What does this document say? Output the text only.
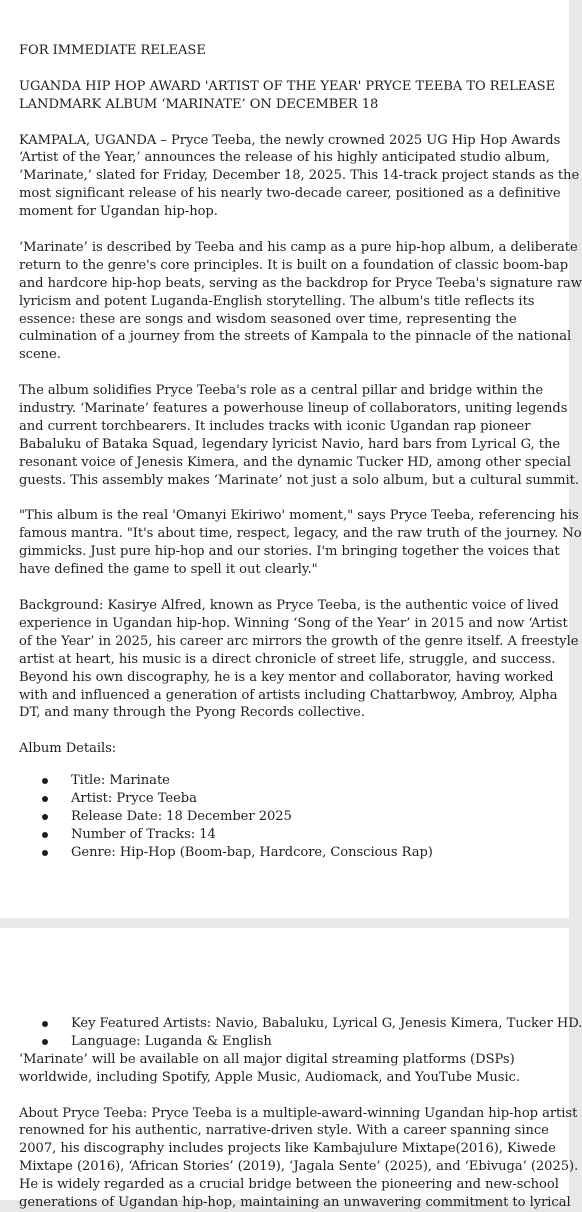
FOR IMMEDIATE RELEASE
UGANDA HIP HOP AWARD 'ARTIST OF THE YEAR' PRYCE TEEBA TO RELEASE
LANDMARK ALBUM ‘MARINATE’ ON DECEMBER 18
KAMPALA, UGANDA – Pryce Teeba, the newly crowned 2025 UG Hip Hop Awards
‘Artist of the Year,’ announces the release of his highly anticipated studio album,
‘Marinate,’ slated for Friday, December 18, 2025. This 14-track project stands as the
most significant release of his nearly two-decade career, positioned as a definitive
moment for Ugandan hip-hop.
‘Marinate’ is described by Teeba and his camp as a pure hip-hop album, a deliberate
return to the genre's core principles. It is built on a foundation of classic boom-bap
and hardcore hip-hop beats, serving as the backdrop for Pryce Teeba's signature raw
lyricism and potent Luganda-English storytelling. The album's title reflects its
essence: these are songs and wisdom seasoned over time, representing the
culmination of a journey from the streets of Kampala to the pinnacle of the national
scene.
The album solidifies Pryce Teeba's role as a central pillar and bridge within the
industry. ‘Marinate’ features a powerhouse lineup of collaborators, uniting legends
and current torchbearers. It includes tracks with iconic Ugandan rap pioneer
Babaluku of Bataka Squad, legendary lyricist Navio, hard bars from Lyrical G, the
resonant voice of Jenesis Kimera, and the dynamic Tucker HD, among other special
guests. This assembly makes ‘Marinate’ not just a solo album, but a cultural summit.
"This album is the real 'Omanyi Ekiriwo' moment," says Pryce Teeba, referencing his
famous mantra. "It's about time, respect, legacy, and the raw truth of the journey. No
gimmicks. Just pure hip-hop and our stories. I'm bringing together the voices that
have defined the game to spell it out clearly."
Background: Kasirye Alfred, known as Pryce Teeba, is the authentic voice of lived
experience in Ugandan hip-hop. Winning ‘Song of the Year’ in 2015 and now ‘Artist
of the Year’ in 2025, his career arc mirrors the growth of the genre itself. A freestyle
artist at heart, his music is a direct chronicle of street life, struggle, and success.
Beyond his own discography, he is a key mentor and collaborator, having worked
with and influenced a generation of artists including Chattarbwoy, Ambroy, Alpha
DT, and many through the Pyong Records collective.
Album Details:
Title: Marinate
Artist: Pryce Teeba
Release Date: 18 December 2025
Number of Tracks: 14
Genre: Hip-Hop (Boom-bap, Hardcore, Conscious Rap)
Key Featured Artists: Navio, Babaluku, Lyrical G, Jenesis Kimera, Tucker HD.
Language: Luganda & English
‘Marinate’ will be available on all major digital streaming platforms (DSPs)
worldwide, including Spotify, Apple Music, Audiomack, and YouTube Music.
About Pryce Teeba: Pryce Teeba is a multiple-award-winning Ugandan hip-hop artist
renowned for his authentic, narrative-driven style. With a career spanning since
2007, his discography includes projects like Kambajulure Mixtape(2016), Kiwede
Mixtape (2016), ‘African Stories’ (2019), ‘Jagala Sente’ (2025), and ‘Ebivuga’ (2025).
He is widely regarded as a crucial bridge between the pioneering and new-school
generations of Ugandan hip-hop, maintaining an unwavering commitment to lyrical
